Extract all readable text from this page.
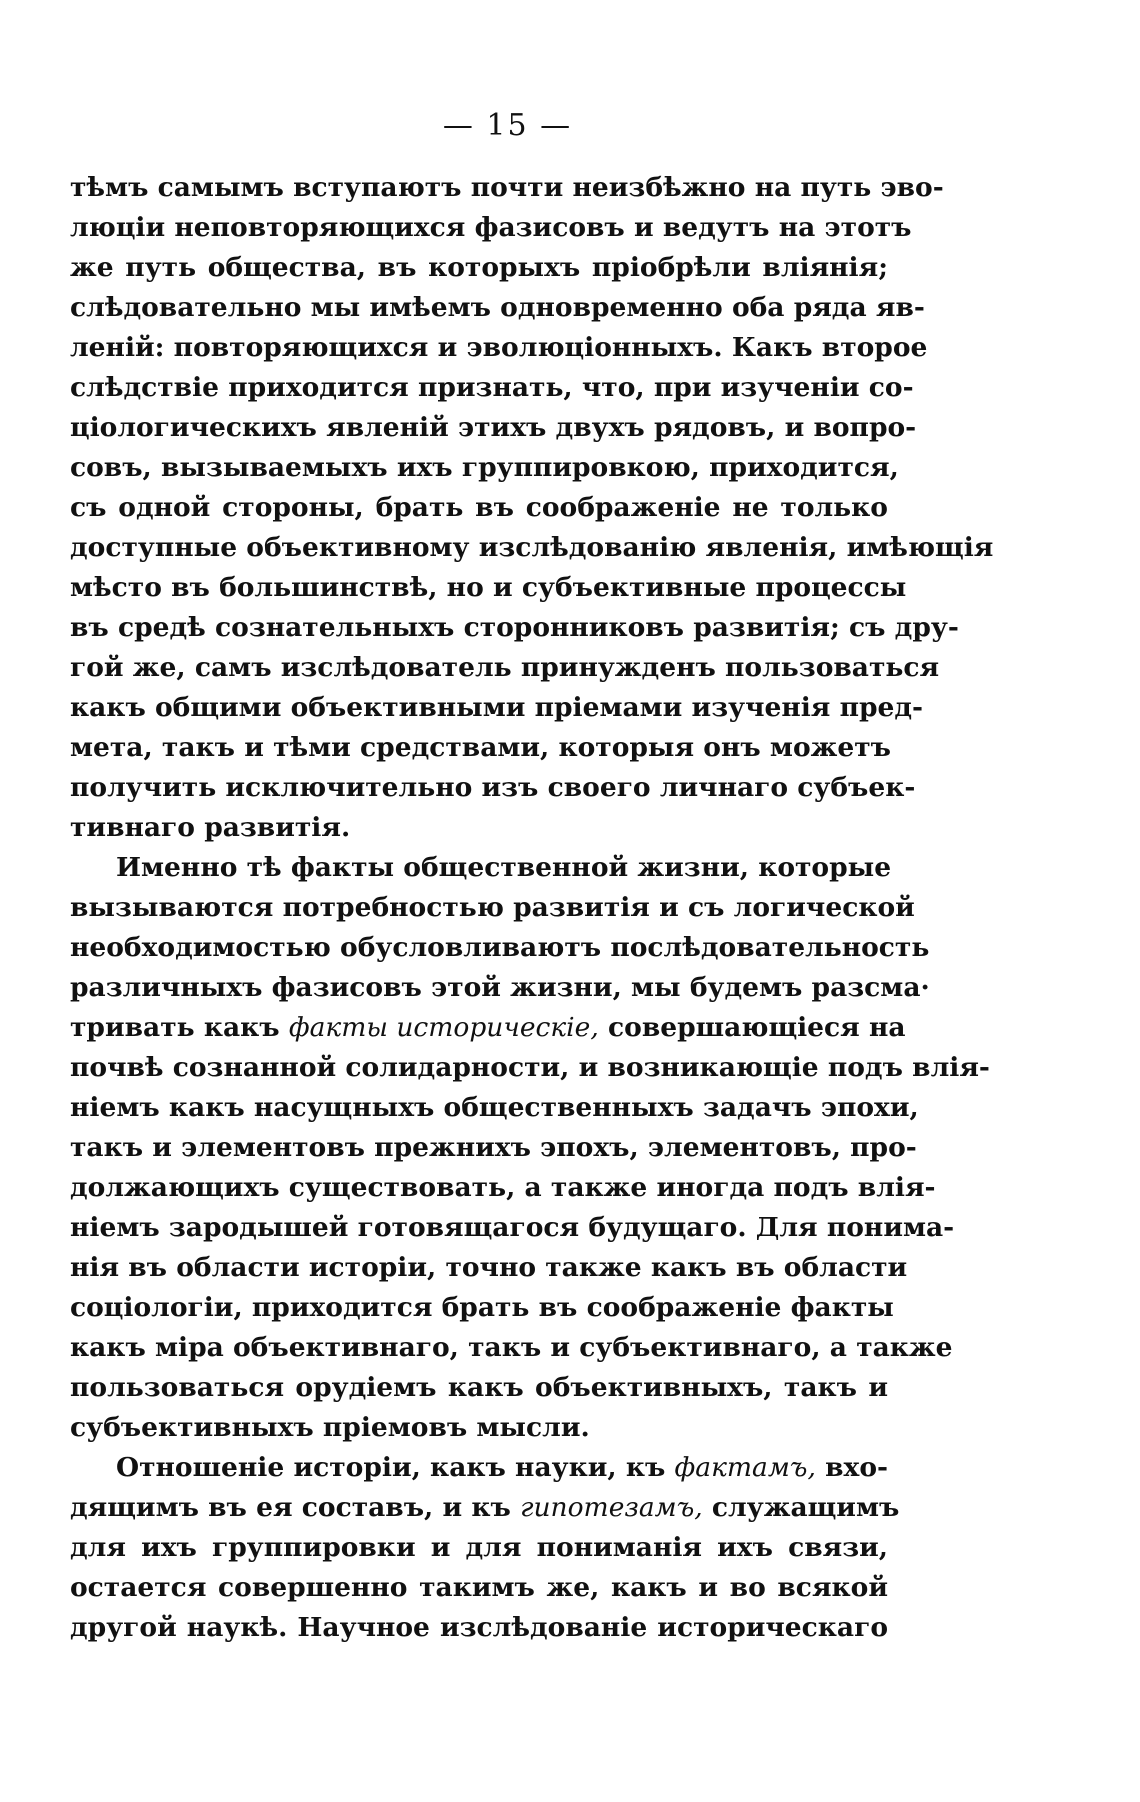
— 15 —
тѣмъ самымъ вступаютъ почти неизбѣжно на путь эво-
люціи неповторяющихся фазисовъ и ведутъ на этотъ
же путь общества, въ которыхъ пріобрѣли вліянія;
слѣдовательно мы имѣемъ одновременно оба ряда яв-
леній: повторяющихся и эволюціонныхъ. Какъ второе
слѣдствіе приходится признать, что, при изученіи со-
ціологическихъ явленій этихъ двухъ рядовъ, и вопро-
совъ, вызываемыхъ ихъ группировкою, приходится,
съ одной стороны, брать въ соображеніе не только
доступные объективному изслѣдованію явленія, имѣющія
мѣсто въ большинствѣ, но и субъективные процессы
въ средѣ сознательныхъ сторонниковъ развитія; съ дру-
гой же, самъ изслѣдователь принужденъ пользоваться
какъ общими объективными пріемами изученія пред-
мета, такъ и тѣми средствами, которыя онъ можетъ
получить исключительно изъ своего личнаго субъек-
тивнаго развитія.
Именно тѣ факты общественной жизни, которые
вызываются потребностью развитія и съ логической
необходимостью обусловливаютъ послѣдовательность
различныхъ фазисовъ этой жизни, мы будемъ разсма·
тривать какъ факты историческіе, совершающіеся на
почвѣ сознанной солидарности, и возникающіе подъ влія-
ніемъ какъ насущныхъ общественныхъ задачъ эпохи,
такъ и элементовъ прежнихъ эпохъ, элементовъ, про-
должающихъ существовать, а также иногда подъ влія-
ніемъ зародышей готовящагося будущаго. Для понима-
нія въ области исторіи, точно также какъ въ области
соціологіи, приходится брать въ соображеніе факты
какъ міра объективнаго, такъ и субъективнаго, а также
пользоваться орудіемъ какъ объективныхъ, такъ и
субъективныхъ пріемовъ мысли.
Отношеніе исторіи, какъ науки, къ фактамъ, вхо-
дящимъ въ ея составъ, и къ гипотезамъ, служащимъ
для ихъ группировки и для пониманія ихъ связи,
остается совершенно такимъ же, какъ и во всякой
другой наукѣ. Научное изслѣдованіе историческаго
